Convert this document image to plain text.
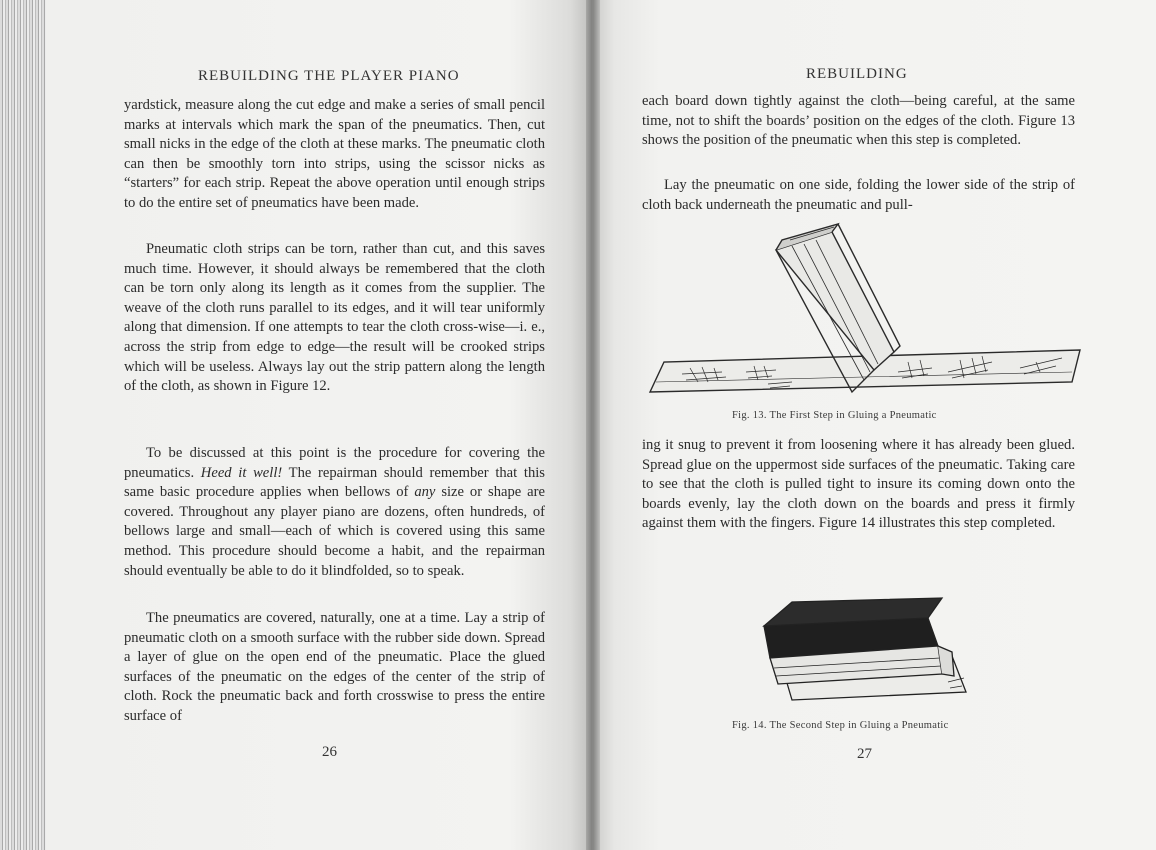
REBUILDING THE PLAYER PIANO

yardstick, measure along the cut edge and make a series of small pencil marks at intervals which mark the span of the pneumatics. Then, cut small nicks in the edge of the cloth at these marks. The pneumatic cloth can then be smoothly torn into strips, using the scissor nicks as “starters” for each strip. Repeat the above operation until enough strips to do the entire set of pneumatics have been made.

Pneumatic cloth strips can be torn, rather than cut, and this saves much time. However, it should always be remembered that the cloth can be torn only along its length as it comes from the supplier. The weave of the cloth runs parallel to its edges, and it will tear uniformly along that dimension. If one attempts to tear the cloth cross-wise—i. e., across the strip from edge to edge—the result will be crooked strips which will be useless. Always lay out the strip pattern along the length of the cloth, as shown in Figure 12.

To be discussed at this point is the procedure for covering the pneumatics. Heed it well! The repairman should remember that this same basic procedure applies when bellows of any size or shape are covered. Throughout any player piano are dozens, often hundreds, of bellows large and small—each of which is covered using this same method. This procedure should become a habit, and the repairman should eventually be able to do it blindfolded, so to speak.

The pneumatics are covered, naturally, one at a time. Lay a strip of pneumatic cloth on a smooth surface with the rubber side down. Spread a layer of glue on the open end of the pneumatic. Place the glued surfaces of the pneumatic on the edges of the center of the strip of cloth. Rock the pneumatic back and forth crosswise to press the entire surface of

26
REBUILDING

each board down tightly against the cloth—being careful, at the same time, not to shift the boards’ position on the edges of the cloth. Figure 13 shows the position of the pneumatic when this step is completed.

Lay the pneumatic on one side, folding the lower side of the strip of cloth back underneath the pneumatic and pull-

Fig. 13. The First Step in Gluing a Pneumatic

ing it snug to prevent it from loosening where it has already been glued. Spread glue on the uppermost side surfaces of the pneumatic. Taking care to see that the cloth is pulled tight to insure its coming down onto the boards evenly, lay the cloth down on the boards and press it firmly against them with the fingers. Figure 14 illustrates this step completed.

Fig. 14. The Second Step in Gluing a Pneumatic
27
